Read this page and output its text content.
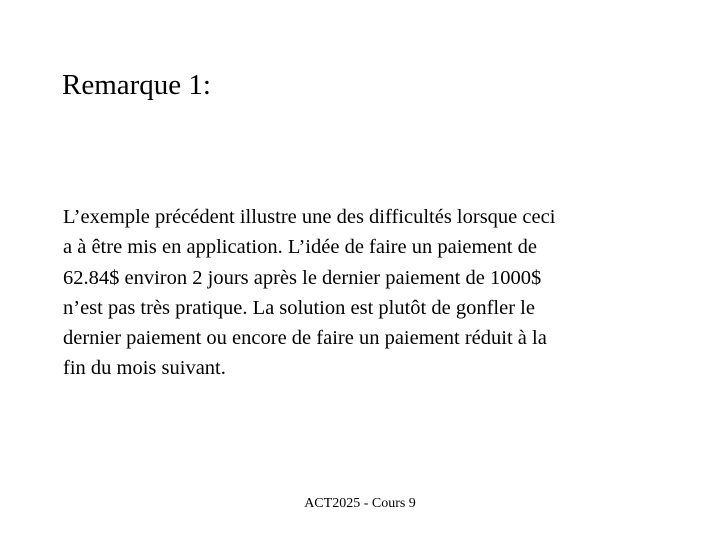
Remarque 1:
L’exemple précédent illustre une des difficultés lorsque ceci
a à être mis en application. L’idée de faire un paiement de
62.84$ environ 2 jours après le dernier paiement de 1000$
n’est pas très pratique. La solution est plutôt de gonfler le
dernier paiement ou encore de faire un paiement réduit à la
fin du mois suivant.
ACT2025 - Cours 9
